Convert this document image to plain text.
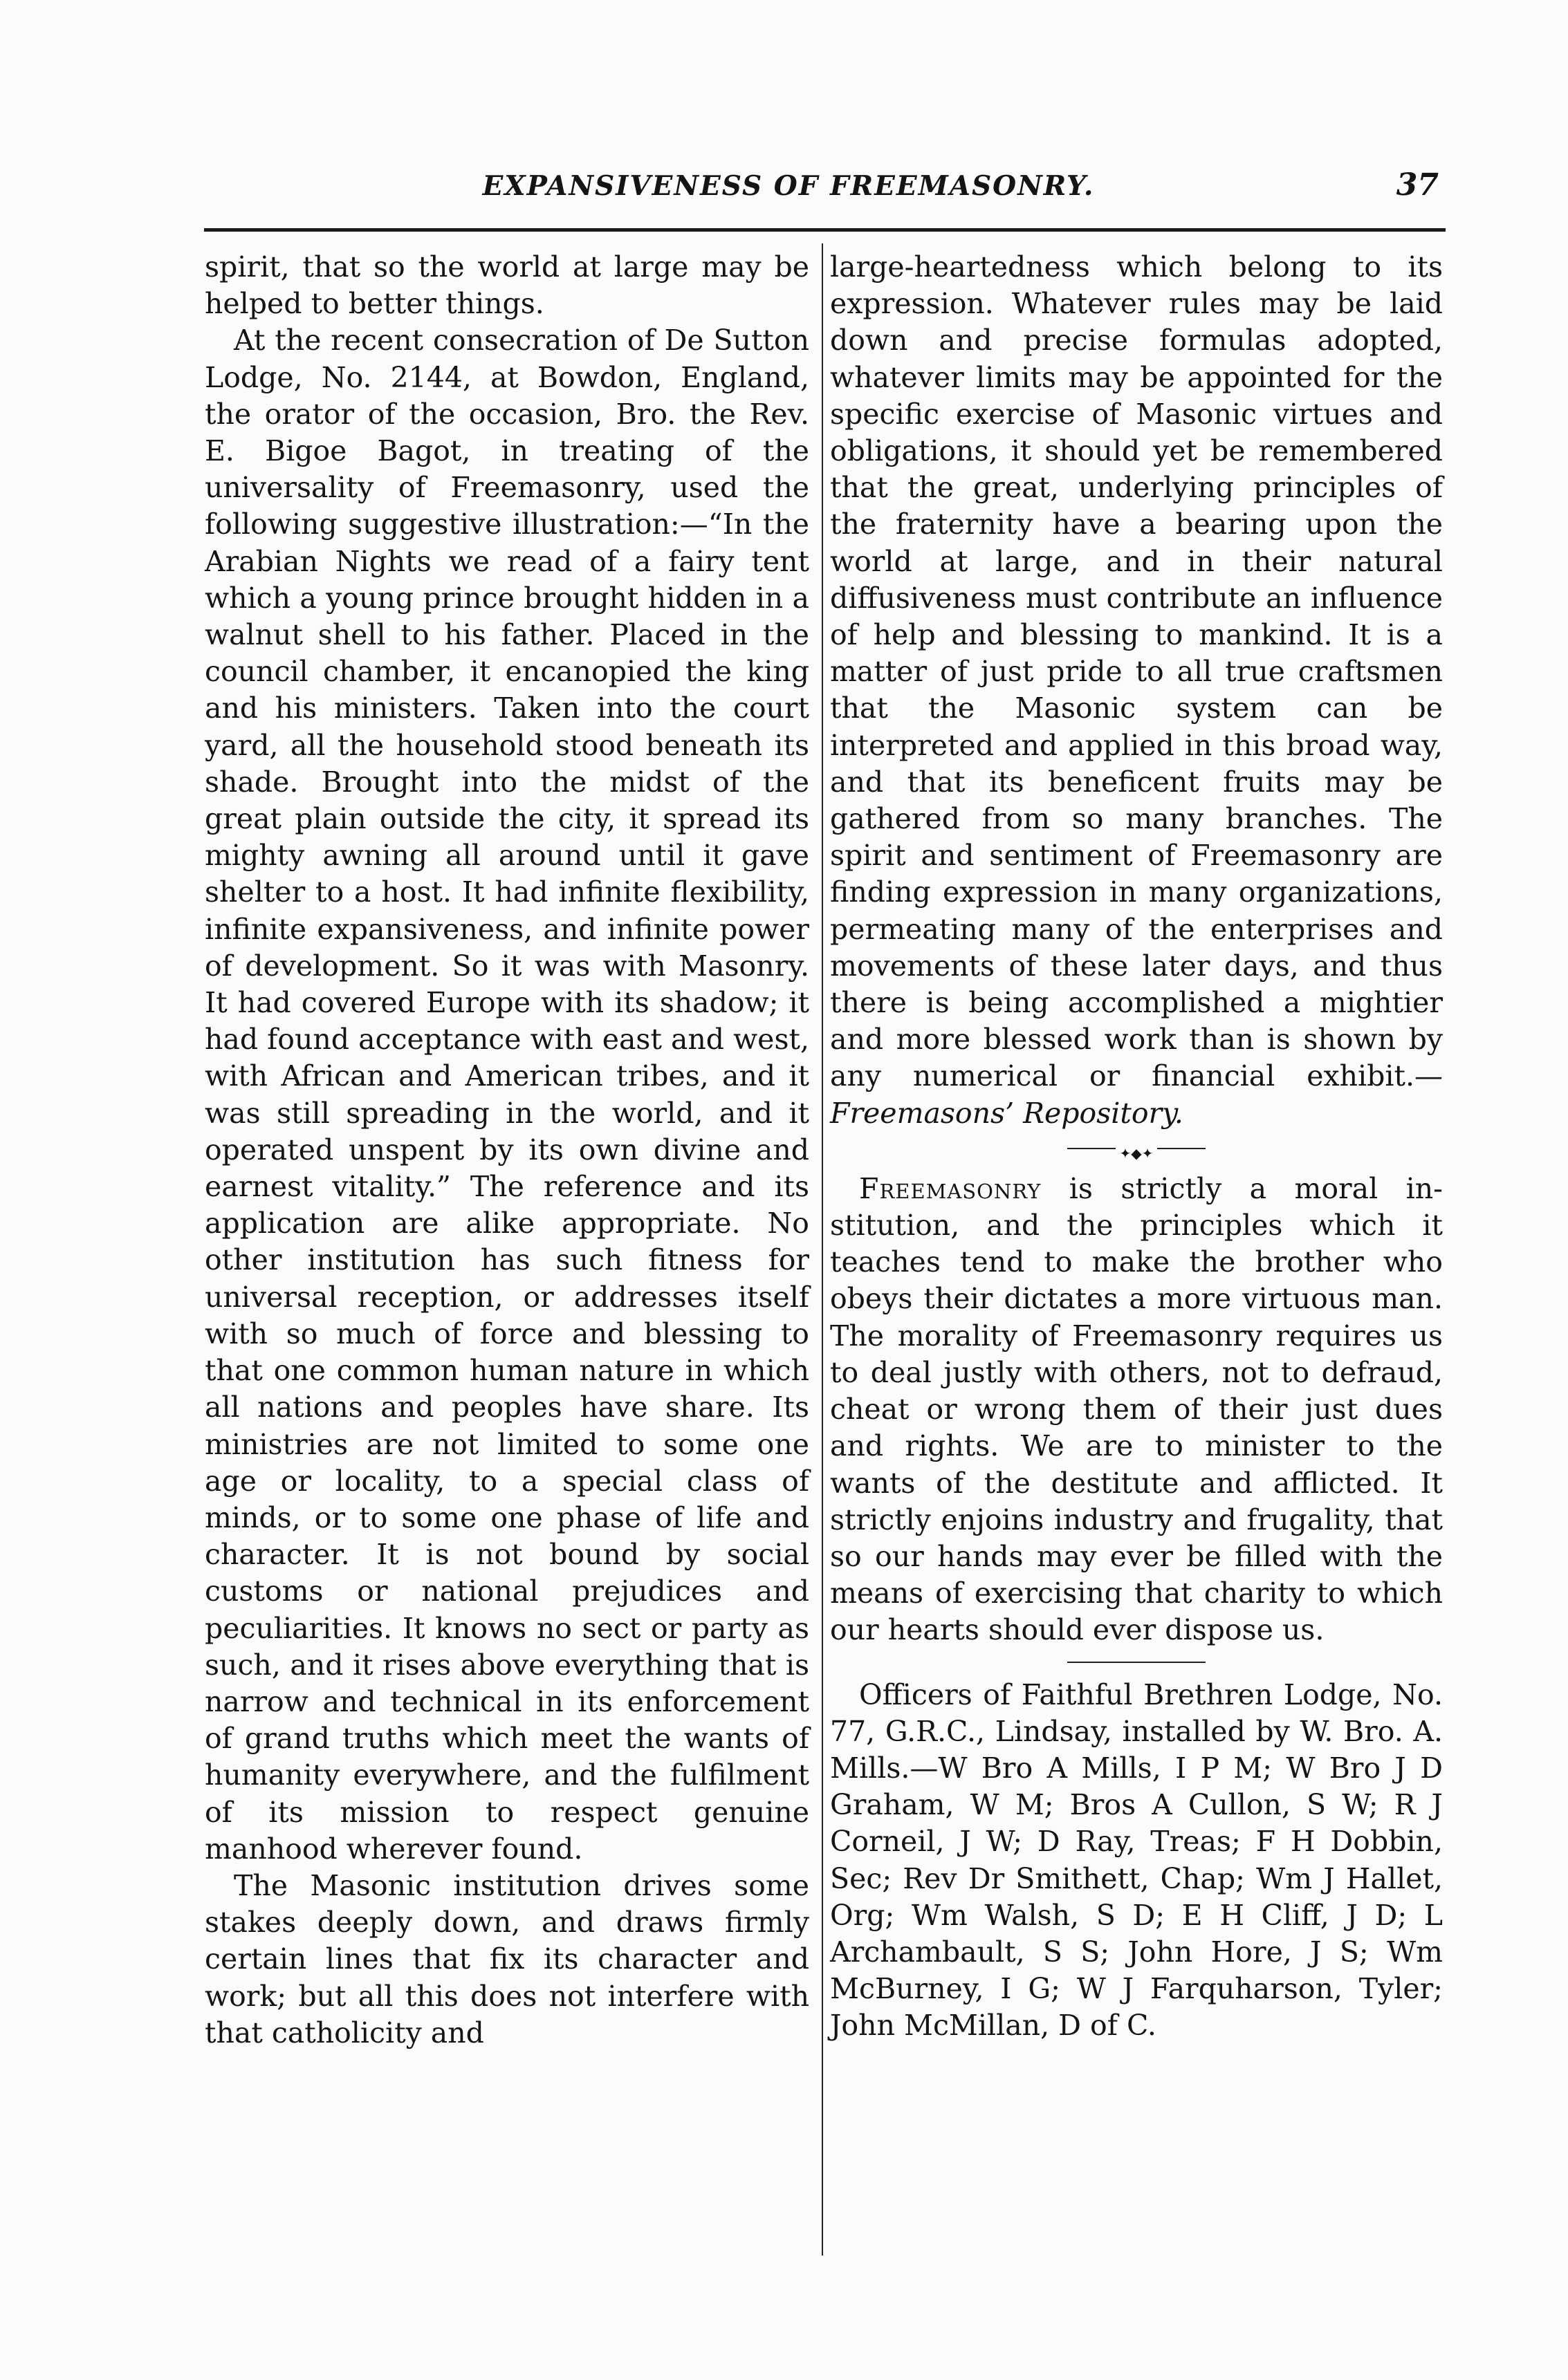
EXPANSIVENESS OF FREEMASONRY.	37

spirit, that so the world at large may be helped to better things.

At the recent consecration of De Sutton Lodge, No. 2144, at Bowdon, England, the orator of the occasion, Bro. the Rev. E. Bigoe Bagot, in treating of the universality of Freemasonry, used the following suggestive illustration:—“In the Arabian Nights we read of a fairy tent which a young prince brought hidden in a walnut shell to his father. Placed in the council chamber, it encanopied the king and his ministers. Taken into the court yard, all the household stood beneath its shade. Brought into the midst of the great plain outside the city, it spread its mighty awning all around until it gave shelter to a host. It had infinite flexibility, infinite expansiveness, and infinite power of development. So it was with Masonry. It had covered Europe with its shadow; it had found acceptance with east and west, with African and American tribes, and it was still spreading in the world, and it operated unspent by its own divine and earnest vitality.” The reference and its application are alike appropriate. No other institution has such fitness for universal reception, or addresses itself with so much of force and blessing to that one common human nature in which all nations and peoples have share. Its ministries are not limited to some one age or locality, to a special class of minds, or to some one phase of life and character. It is not bound by social customs or national prejudices and peculiarities. It knows no sect or party as such, and it rises above everything that is narrow and technical in its enforcement of grand truths which meet the wants of humanity everywhere, and the fulfilment of its mission to respect genuine manhood wherever found.

The Masonic institution drives some stakes deeply down, and draws firmly certain lines that fix its character and work; but all this does not interfere with that catholicity and

large-heartedness which belong to its expression. Whatever rules may be laid down and precise formulas adopted, whatever limits may be appointed for the specific exercise of Masonic virtues and obligations, it should yet be remembered that the great, underlying principles of the fraternity have a bearing upon the world at large, and in their natural diffusiveness must contribute an influence of help and blessing to mankind. It is a matter of just pride to all true craftsmen that the Masonic system can be interpreted and applied in this broad way, and that its beneficent fruits may be gathered from so many branches. The spirit and sentiment of Freemasonry are finding expression in many organizations, permeating many of the enterprises and movements of these later days, and thus there is being accomplished a mightier and more blessed work than is shown by any numerical or financial exhibit.—Freemasons’ Repository.

✦◆✦

Freemasonry is strictly a moral institution, and the principles which it teaches tend to make the brother who obeys their dictates a more virtuous man. The morality of Freemasonry requires us to deal justly with others, not to defraud, cheat or wrong them of their just dues and rights. We are to minister to the wants of the destitute and afflicted. It strictly enjoins industry and frugality, that so our hands may ever be filled with the means of exercising that charity to which our hearts should ever dispose us.

Officers of Faithful Brethren Lodge, No. 77, G.R.C., Lindsay, installed by W. Bro. A. Mills.—W Bro A Mills, I P M; W Bro J D Graham, W M; Bros A Cullon, S W; R J Corneil, J W; D Ray, Treas; F H Dobbin, Sec; Rev Dr Smithett, Chap; Wm J Hallet, Org; Wm Walsh, S D; E H Cliff, J D; L Archambault, S S; John Hore, J S; Wm McBurney, I G; W J Farquharson, Tyler; John McMillan, D of C.
